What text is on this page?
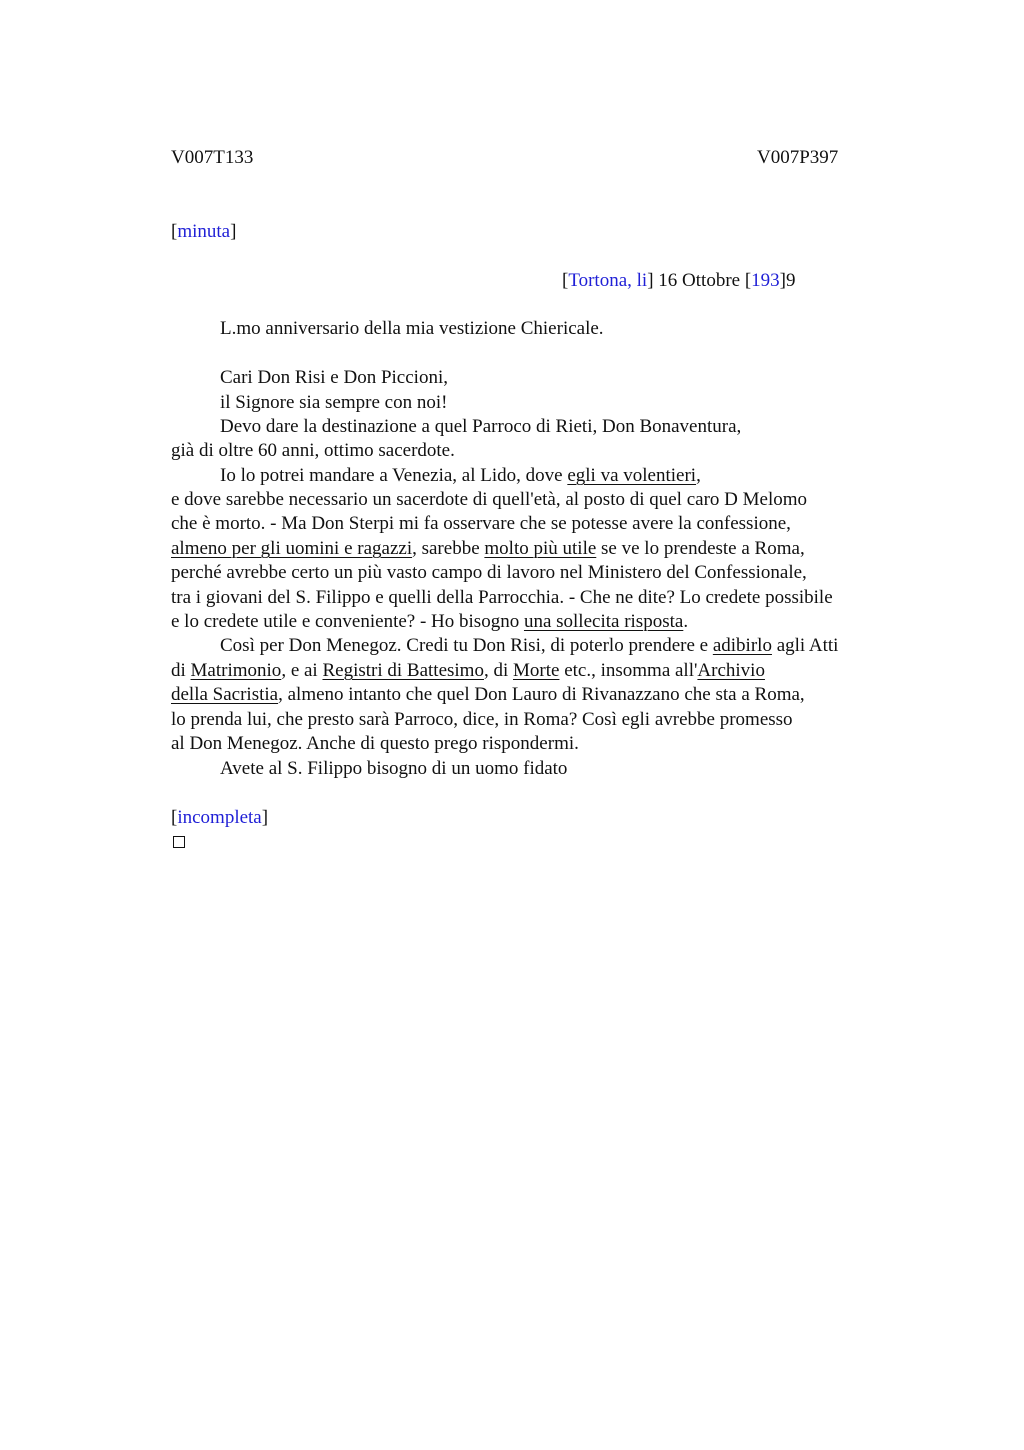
V007T133	V007P397
[minuta]
[Tortona, li] 16 Ottobre [193]9
L.mo anniversario della mia vestizione Chiericale.
Cari Don Risi e Don Piccioni,
il Signore sia sempre con noi!
Devo dare la destinazione a quel Parroco di Rieti, Don Bonaventura,
già di oltre 60 anni, ottimo sacerdote.
Io lo potrei mandare a Venezia, al Lido, dove egli va volentieri,
e dove sarebbe necessario un sacerdote di quell'età, al posto di quel caro D Melomo
che è morto. - Ma Don Sterpi mi fa osservare che se potesse avere la confessione,
almeno per gli uomini e ragazzi, sarebbe molto più utile se ve lo prendeste a Roma,
perché avrebbe certo un più vasto campo di lavoro nel Ministero del Confessionale,
tra i giovani del S. Filippo e quelli della Parrocchia. - Che ne dite? Lo credete possibile
e lo credete utile e conveniente? - Ho bisogno una sollecita risposta.
Così per Don Menegoz. Credi tu Don Risi, di poterlo prendere e adibirlo agli Atti
di Matrimonio, e ai Registri di Battesimo, di Morte etc., insomma all'Archivio
della Sacristia, almeno intanto che quel Don Lauro di Rivanazzano che sta a Roma,
lo prenda lui, che presto sarà Parroco, dice, in Roma? Così egli avrebbe promesso
al Don Menegoz. Anche di questo prego rispondermi.
Avete al S. Filippo bisogno di un uomo fidato
[incompleta]
